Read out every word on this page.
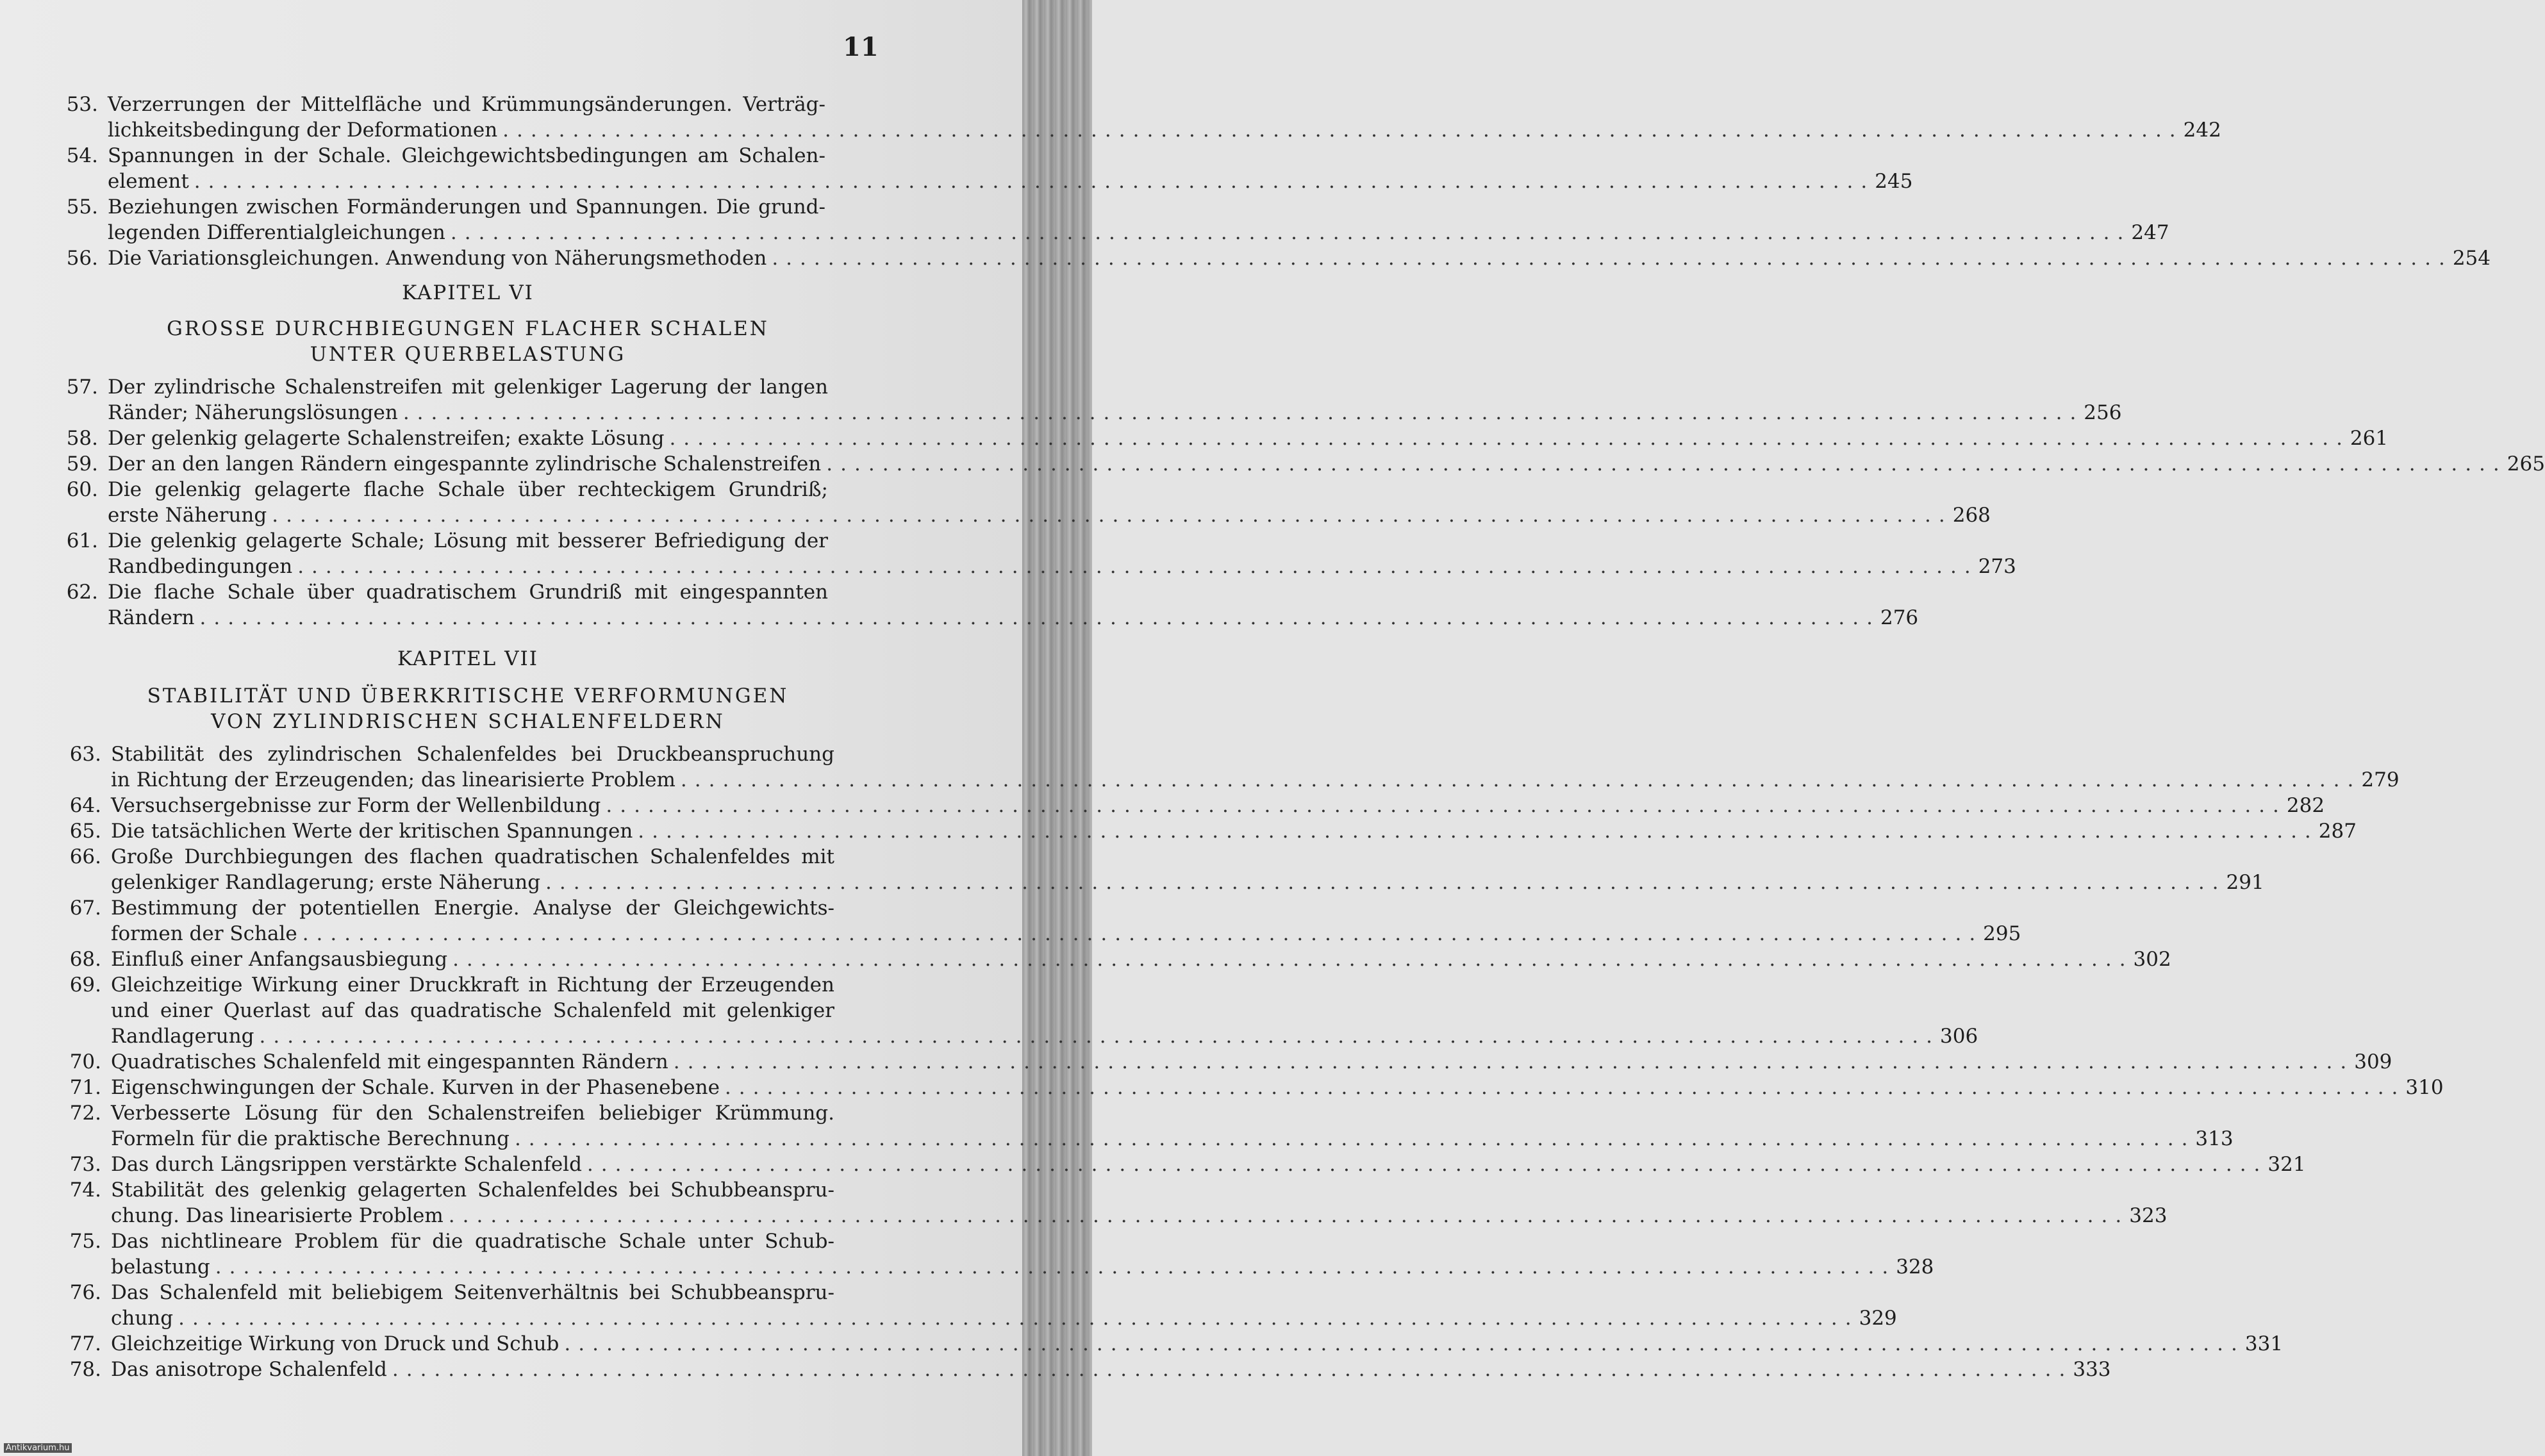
11
KAPITEL VI
GROSSE DURCHBIEGUNGEN FLACHER SCHALEN
UNTER QUERBELASTUNG
KAPITEL VII
STABILITÄT UND ÜBERKRITISCHE VERFORMUNGEN
VON ZYLINDRISCHEN SCHALENFELDERN
53. Verzerrungen der Mittelfläche und Krümmungsänderungen. Verträg-
lichkeitsbedingung der Deformationen ........................................................................................................................ 242
54. Spannungen in der Schale. Gleichgewichtsbedingungen am Schalen-
element ........................................................................................................................ 245
55. Beziehungen zwischen Formänderungen und Spannungen. Die grund-
legenden Differentialgleichungen ........................................................................................................................ 247
56. Die Variationsgleichungen. Anwendung von Näherungsmethoden ........................................................................................................................ 254
57. Der zylindrische Schalenstreifen mit gelenkiger Lagerung der langen
Ränder; Näherungslösungen ........................................................................................................................ 256
58. Der gelenkig gelagerte Schalenstreifen; exakte Lösung ........................................................................................................................ 261
59. Der an den langen Rändern eingespannte zylindrische Schalenstreifen ........................................................................................................................ 265
60. Die gelenkig gelagerte flache Schale über rechteckigem Grundriß;
erste Näherung ........................................................................................................................ 268
61. Die gelenkig gelagerte Schale; Lösung mit besserer Befriedigung der
Randbedingungen ........................................................................................................................ 273
62. Die flache Schale über quadratischem Grundriß mit eingespannten
Rändern ........................................................................................................................ 276
63. Stabilität des zylindrischen Schalenfeldes bei Druckbeanspruchung
in Richtung der Erzeugenden; das linearisierte Problem ........................................................................................................................ 279
64. Versuchsergebnisse zur Form der Wellenbildung ........................................................................................................................ 282
65. Die tatsächlichen Werte der kritischen Spannungen ........................................................................................................................ 287
66. Große Durchbiegungen des flachen quadratischen Schalenfeldes mit
gelenkiger Randlagerung; erste Näherung ........................................................................................................................ 291
67. Bestimmung der potentiellen Energie. Analyse der Gleichgewichts-
formen der Schale ........................................................................................................................ 295
68. Einfluß einer Anfangsausbiegung ........................................................................................................................ 302
69. Gleichzeitige Wirkung einer Druckkraft in Richtung der Erzeugenden
und einer Querlast auf das quadratische Schalenfeld mit gelenkiger
Randlagerung ........................................................................................................................ 306
70. Quadratisches Schalenfeld mit eingespannten Rändern ........................................................................................................................ 309
71. Eigenschwingungen der Schale. Kurven in der Phasenebene ........................................................................................................................ 310
72. Verbesserte Lösung für den Schalenstreifen beliebiger Krümmung.
Formeln für die praktische Berechnung ........................................................................................................................ 313
73. Das durch Längsrippen verstärkte Schalenfeld ........................................................................................................................ 321
74. Stabilität des gelenkig gelagerten Schalenfeldes bei Schubbeanspru-
chung. Das linearisierte Problem ........................................................................................................................ 323
75. Das nichtlineare Problem für die quadratische Schale unter Schub-
belastung ........................................................................................................................ 328
76. Das Schalenfeld mit beliebigem Seitenverhältnis bei Schubbeanspru-
chung ........................................................................................................................ 329
77. Gleichzeitige Wirkung von Druck und Schub ........................................................................................................................ 331
78. Das anisotrope Schalenfeld ........................................................................................................................ 333
Antikvarium.hu
